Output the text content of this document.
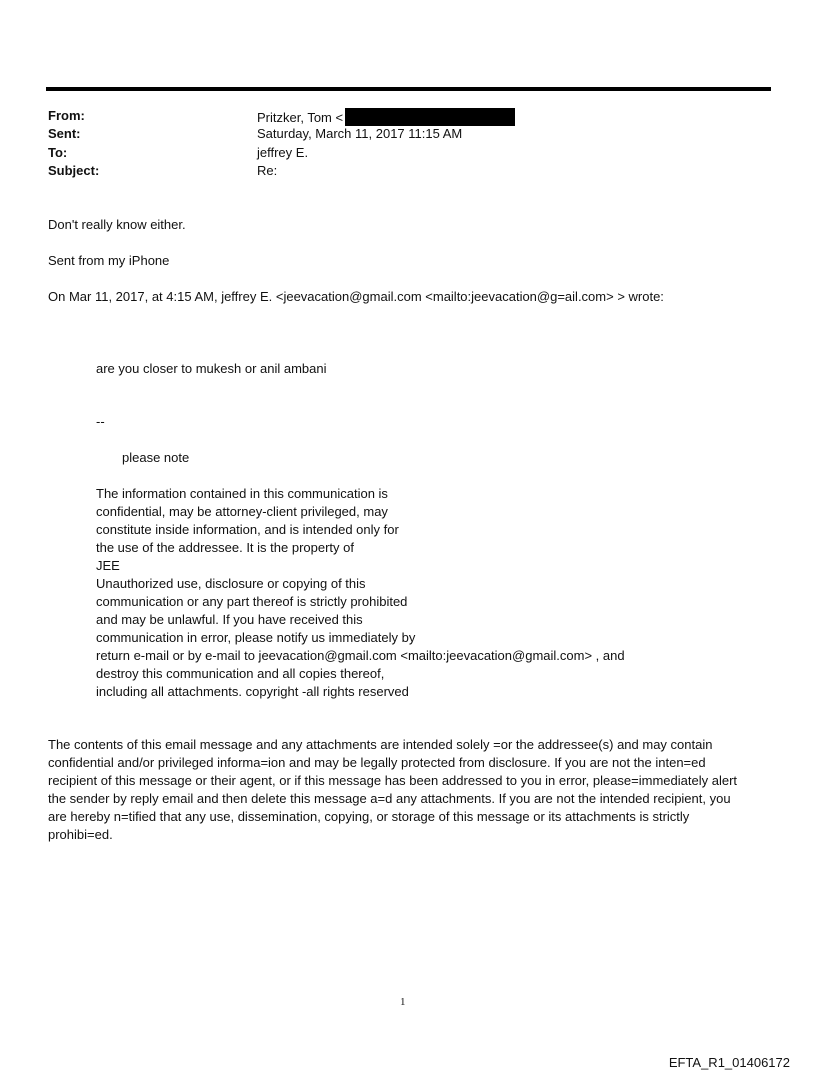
From:	Pritzker, Tom <
Sent:	Saturday, March 11, 2017 11:15 AM
To:	jeffrey E.
Subject:	Re:
Don't really know either.
Sent from my iPhone
On Mar 11, 2017, at 4:15 AM, jeffrey E. <jeevacation@gmail.com <mailto:jeevacation@g=ail.com> > wrote:
are you closer to mukesh or anil ambani
--
please note
The information contained in this communication is
confidential, may be attorney-client privileged, may
constitute inside information, and is intended only for
the use of the addressee. It is the property of
JEE
Unauthorized use, disclosure or copying of this
communication or any part thereof is strictly prohibited
and may be unlawful. If you have received this
communication in error, please notify us immediately by
return e-mail or by e-mail to jeevacation@gmail.com <mailto:jeevacation@gmail.com> , and
destroy this communication and all copies thereof,
including all attachments. copyright -all rights reserved
The contents of this email message and any attachments are intended solely =or the addressee(s) and may contain
confidential and/or privileged informa=ion and may be legally protected from disclosure. If you are not the inten=ed
recipient of this message or their agent, or if this message has been addressed to you in error, please=immediately alert
the sender by reply email and then delete this message a=d any attachments. If you are not the intended recipient, you
are hereby n=tified that any use, dissemination, copying, or storage of this message or its attachments is strictly
prohibi=ed.
1
EFTA_R1_01406172
